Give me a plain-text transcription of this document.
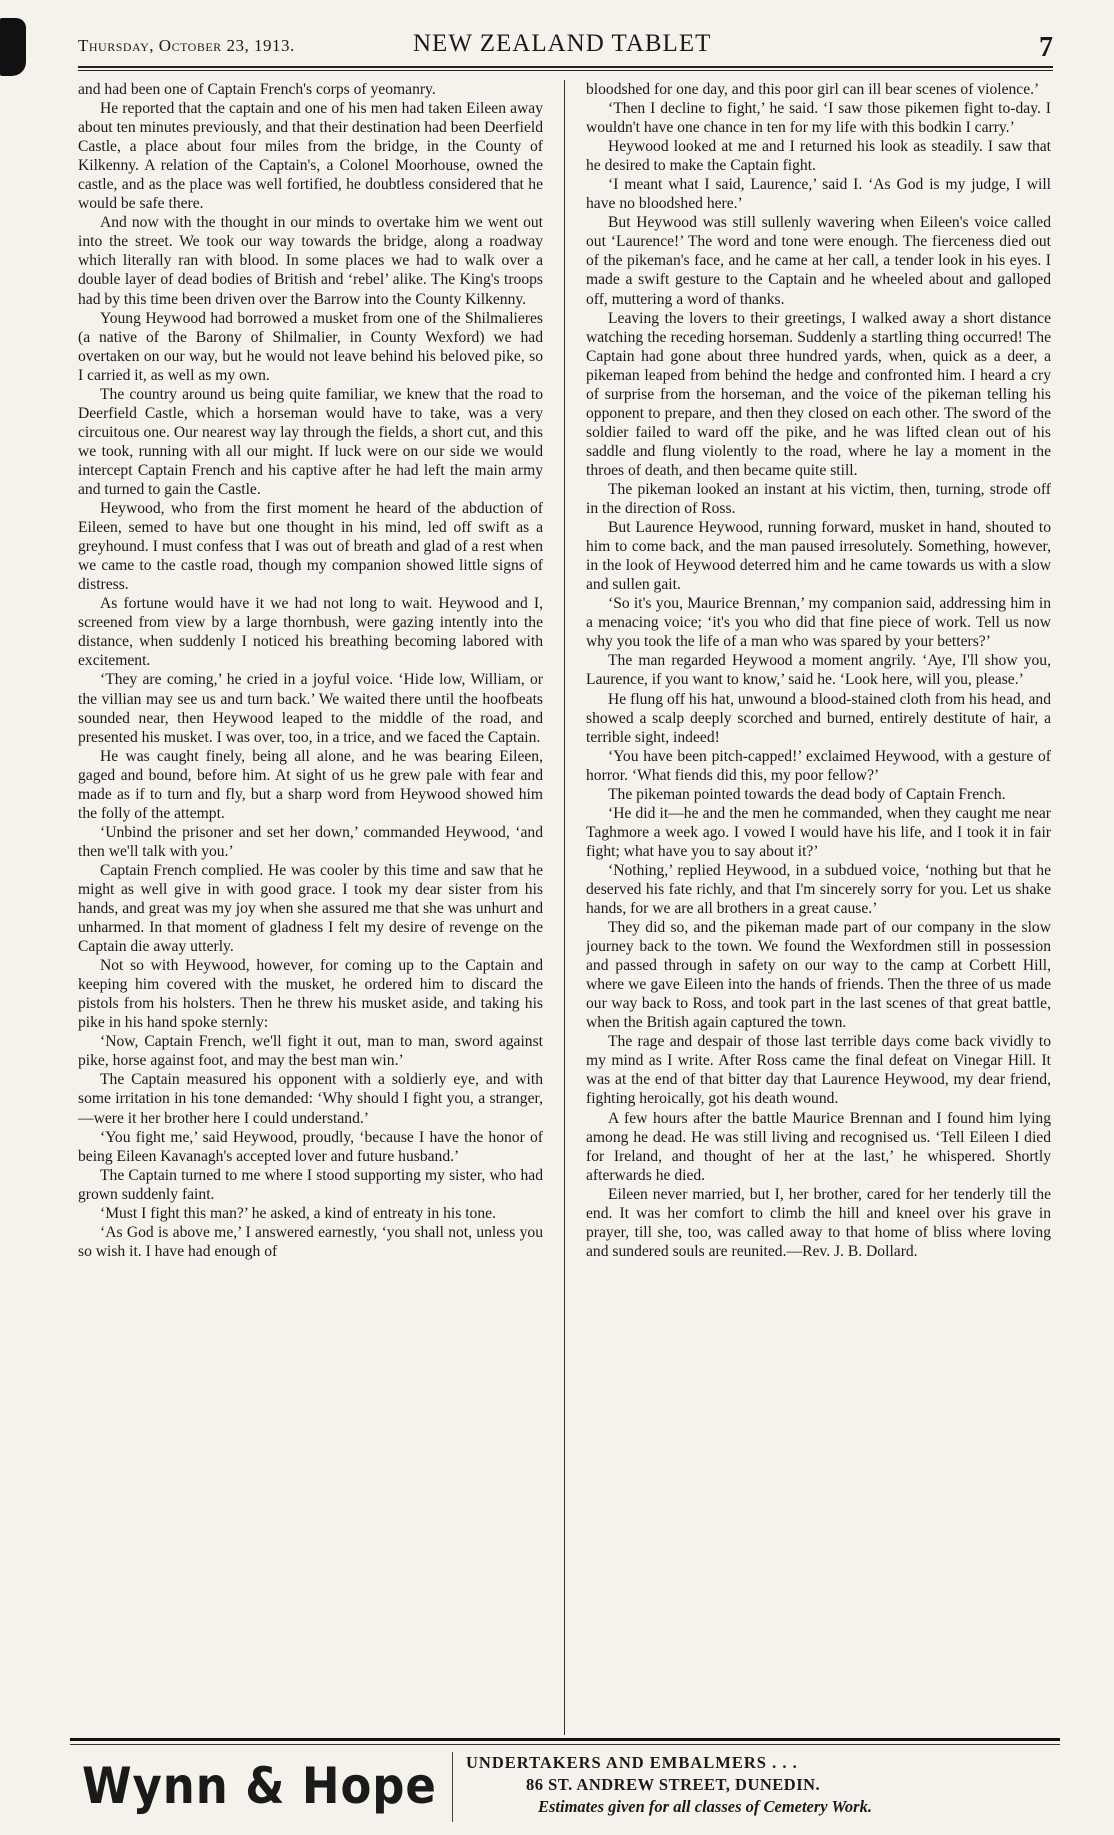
Thursday, October 23, 1913.	NEW ZEALAND TABLET	7

and had been one of Captain French's corps of yeomanry.

He reported that the captain and one of his men had taken Eileen away about ten minutes previously, and that their destination had been Deerfield Castle, a place about four miles from the bridge, in the County of Kilkenny. A relation of the Captain's, a Colonel Moorhouse, owned the castle, and as the place was well fortified, he doubtless considered that he would be safe there.

And now with the thought in our minds to overtake him we went out into the street. We took our way towards the bridge, along a roadway which literally ran with blood. In some places we had to walk over a double layer of dead bodies of British and ‘rebel’ alike. The King's troops had by this time been driven over the Barrow into the County Kilkenny.

Young Heywood had borrowed a musket from one of the Shilmalieres (a native of the Barony of Shilmalier, in County Wexford) we had overtaken on our way, but he would not leave behind his beloved pike, so I carried it, as well as my own.

The country around us being quite familiar, we knew that the road to Deerfield Castle, which a horseman would have to take, was a very circuitous one. Our nearest way lay through the fields, a short cut, and this we took, running with all our might. If luck were on our side we would intercept Captain French and his captive after he had left the main army and turned to gain the Castle.

Heywood, who from the first moment he heard of the abduction of Eileen, semed to have but one thought in his mind, led off swift as a greyhound. I must confess that I was out of breath and glad of a rest when we came to the castle road, though my companion showed little signs of distress.

As fortune would have it we had not long to wait. Heywood and I, screened from view by a large thornbush, were gazing intently into the distance, when suddenly I noticed his breathing becoming labored with excitement.

‘They are coming,’ he cried in a joyful voice. ‘Hide low, William, or the villian may see us and turn back.’ We waited there until the hoofbeats sounded near, then Heywood leaped to the middle of the road, and presented his musket. I was over, too, in a trice, and we faced the Captain.

He was caught finely, being all alone, and he was bearing Eileen, gaged and bound, before him. At sight of us he grew pale with fear and made as if to turn and fly, but a sharp word from Heywood showed him the folly of the attempt.

‘Unbind the prisoner and set her down,’ commanded Heywood, ‘and then we'll talk with you.’

Captain French complied. He was cooler by this time and saw that he might as well give in with good grace. I took my dear sister from his hands, and great was my joy when she assured me that she was unhurt and unharmed. In that moment of gladness I felt my desire of revenge on the Captain die away utterly.

Not so with Heywood, however, for coming up to the Captain and keeping him covered with the musket, he ordered him to discard the pistols from his holsters. Then he threw his musket aside, and taking his pike in his hand spoke sternly:

‘Now, Captain French, we'll fight it out, man to man, sword against pike, horse against foot, and may the best man win.’

The Captain measured his opponent with a soldierly eye, and with some irritation in his tone demanded: ‘Why should I fight you, a stranger,—were it her brother here I could understand.’

‘You fight me,’ said Heywood, proudly, ‘because I have the honor of being Eileen Kavanagh's accepted lover and future husband.’

The Captain turned to me where I stood supporting my sister, who had grown suddenly faint.

‘Must I fight this man?’ he asked, a kind of entreaty in his tone.

‘As God is above me,’ I answered earnestly, ‘you shall not, unless you so wish it. I have had enough of

bloodshed for one day, and this poor girl can ill bear scenes of violence.’

‘Then I decline to fight,’ he said. ‘I saw those pikemen fight to-day. I wouldn't have one chance in ten for my life with this bodkin I carry.’

Heywood looked at me and I returned his look as steadily. I saw that he desired to make the Captain fight.

‘I meant what I said, Laurence,’ said I. ‘As God is my judge, I will have no bloodshed here.’

But Heywood was still sullenly wavering when Eileen's voice called out ‘Laurence!’ The word and tone were enough. The fierceness died out of the pikeman's face, and he came at her call, a tender look in his eyes. I made a swift gesture to the Captain and he wheeled about and galloped off, muttering a word of thanks.

Leaving the lovers to their greetings, I walked away a short distance watching the receding horseman. Suddenly a startling thing occurred! The Captain had gone about three hundred yards, when, quick as a deer, a pikeman leaped from behind the hedge and confronted him. I heard a cry of surprise from the horseman, and the voice of the pikeman telling his opponent to prepare, and then they closed on each other. The sword of the soldier failed to ward off the pike, and he was lifted clean out of his saddle and flung violently to the road, where he lay a moment in the throes of death, and then became quite still.

The pikeman looked an instant at his victim, then, turning, strode off in the direction of Ross.

But Laurence Heywood, running forward, musket in hand, shouted to him to come back, and the man paused irresolutely. Something, however, in the look of Heywood deterred him and he came towards us with a slow and sullen gait.

‘So it's you, Maurice Brennan,’ my companion said, addressing him in a menacing voice; ‘it's you who did that fine piece of work. Tell us now why you took the life of a man who was spared by your betters?’

The man regarded Heywood a moment angrily. ‘Aye, I'll show you, Laurence, if you want to know,’ said he. ‘Look here, will you, please.’

He flung off his hat, unwound a blood-stained cloth from his head, and showed a scalp deeply scorched and burned, entirely destitute of hair, a terrible sight, indeed!

‘You have been pitch-capped!’ exclaimed Heywood, with a gesture of horror. ‘What fiends did this, my poor fellow?’

The pikeman pointed towards the dead body of Captain French.

‘He did it—he and the men he commanded, when they caught me near Taghmore a week ago. I vowed I would have his life, and I took it in fair fight; what have you to say about it?’

‘Nothing,’ replied Heywood, in a subdued voice, ‘nothing but that he deserved his fate richly, and that I'm sincerely sorry for you. Let us shake hands, for we are all brothers in a great cause.’

They did so, and the pikeman made part of our company in the slow journey back to the town. We found the Wexfordmen still in possession and passed through in safety on our way to the camp at Corbett Hill, where we gave Eileen into the hands of friends. Then the three of us made our way back to Ross, and took part in the last scenes of that great battle, when the British again captured the town.

The rage and despair of those last terrible days come back vividly to my mind as I write. After Ross came the final defeat on Vinegar Hill. It was at the end of that bitter day that Laurence Heywood, my dear friend, fighting heroically, got his death wound.

A few hours after the battle Maurice Brennan and I found him lying among he dead. He was still living and recognised us. ‘Tell Eileen I died for Ireland, and thought of her at the last,’ he whispered. Shortly afterwards he died.

Eileen never married, but I, her brother, cared for her tenderly till the end. It was her comfort to climb the hill and kneel over his grave in prayer, till she, too, was called away to that home of bliss where loving and sundered souls are reunited.—Rev. J. B. Dollard.

Wynn & Hope UNDERTAKERS AND EMBALMERS . . .
86 ST. ANDREW STREET, DUNEDIN.
Estimates given for all classes of Cemetery Work.
